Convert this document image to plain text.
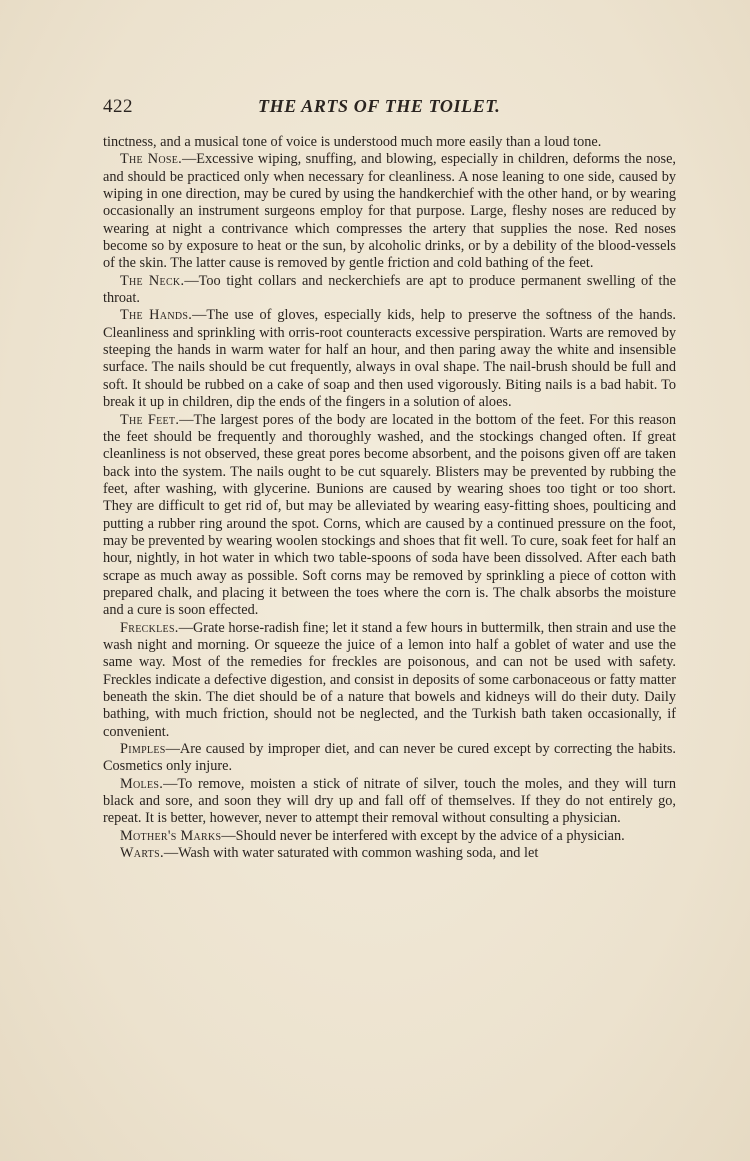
422	THE ARTS OF THE TOILET.

tinctness, and a musical tone of voice is understood much more easily than a loud tone.

The Nose.—Excessive wiping, snuffing, and blowing, especially in children, deforms the nose, and should be practiced only when necessary for cleanliness. A nose leaning to one side, caused by wiping in one direction, may be cured by using the handkerchief with the other hand, or by wearing occasionally an instrument surgeons employ for that purpose. Large, fleshy noses are reduced by wearing at night a contrivance which compresses the artery that supplies the nose. Red noses become so by exposure to heat or the sun, by alcoholic drinks, or by a debility of the blood-vessels of the skin. The latter cause is removed by gentle friction and cold bathing of the feet.

The Neck.—Too tight collars and neckerchiefs are apt to produce permanent swelling of the throat.

The Hands.—The use of gloves, especially kids, help to preserve the softness of the hands. Cleanliness and sprinkling with orris-root counteracts excessive perspiration. Warts are removed by steeping the hands in warm water for half an hour, and then paring away the white and insensible surface. The nails should be cut frequently, always in oval shape. The nail-brush should be full and soft. It should be rubbed on a cake of soap and then used vigorously. Biting nails is a bad habit. To break it up in children, dip the ends of the fingers in a solution of aloes.

The Feet.—The largest pores of the body are located in the bottom of the feet. For this reason the feet should be frequently and thoroughly washed, and the stockings changed often. If great cleanliness is not observed, these great pores become absorbent, and the poisons given off are taken back into the system. The nails ought to be cut squarely. Blisters may be prevented by rubbing the feet, after washing, with glycerine. Bunions are caused by wearing shoes too tight or too short. They are difficult to get rid of, but may be alleviated by wearing easy-fitting shoes, poulticing and putting a rubber ring around the spot. Corns, which are caused by a continued pressure on the foot, may be prevented by wearing woolen stockings and shoes that fit well. To cure, soak feet for half an hour, nightly, in hot water in which two table-spoons of soda have been dissolved. After each bath scrape as much away as possible. Soft corns may be removed by sprinkling a piece of cotton with prepared chalk, and placing it between the toes where the corn is. The chalk absorbs the moisture and a cure is soon effected.

Freckles.—Grate horse-radish fine; let it stand a few hours in buttermilk, then strain and use the wash night and morning. Or squeeze the juice of a lemon into half a goblet of water and use the same way. Most of the remedies for freckles are poisonous, and can not be used with safety. Freckles indicate a defective digestion, and consist in deposits of some carbonaceous or fatty matter beneath the skin. The diet should be of a nature that bowels and kidneys will do their duty. Daily bathing, with much friction, should not be neglected, and the Turkish bath taken occasionally, if convenient.

Pimples—Are caused by improper diet, and can never be cured except by correcting the habits. Cosmetics only injure.

Moles.—To remove, moisten a stick of nitrate of silver, touch the moles, and they will turn black and sore, and soon they will dry up and fall off of themselves. If they do not entirely go, repeat. It is better, however, never to attempt their removal without consulting a physician.

Mother's Marks—Should never be interfered with except by the advice of a physician.

Warts.—Wash with water saturated with common washing soda, and let
